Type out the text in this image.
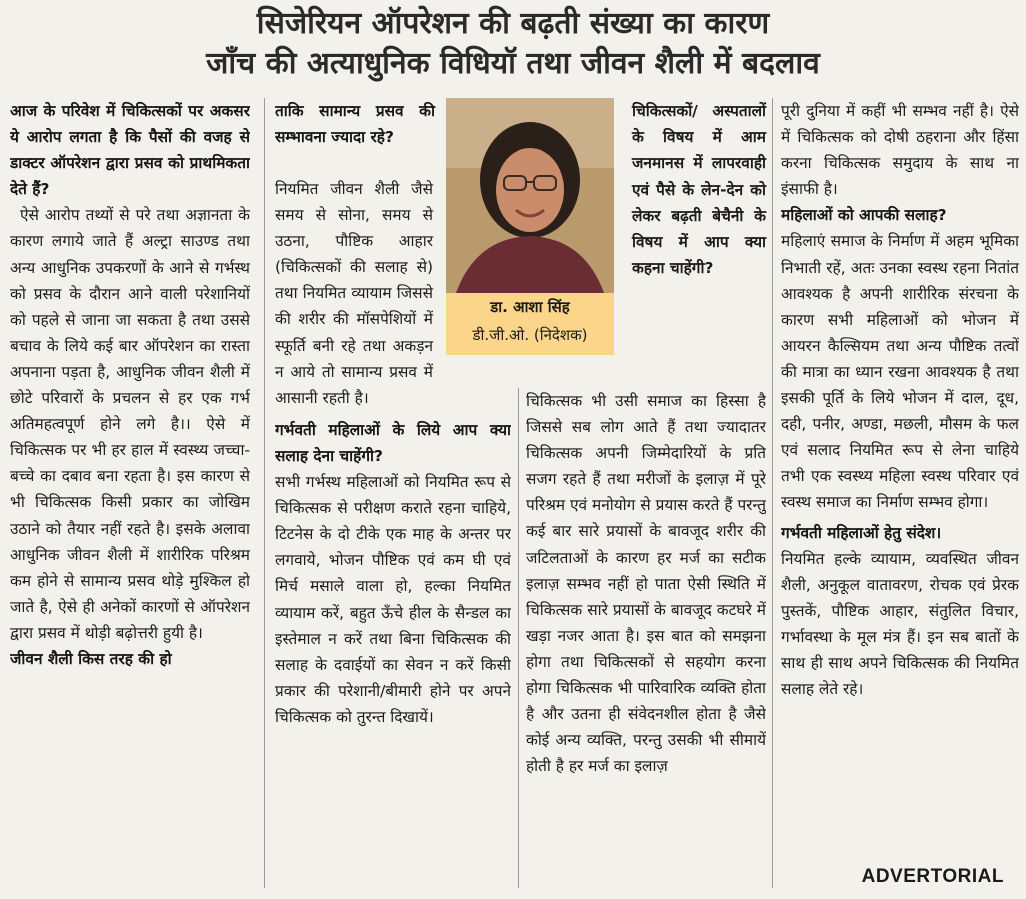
सिजेरियन ऑपरेशन की बढ़ती संख्या का कारण
जाँच की अत्याधुनिक विधियॉ तथा जीवन शैली में बदलाव

आज के परिवेश में चिकित्सकों पर अकसर ये आरोप लगता है कि पैसों की वजह से डाक्टर ऑपरेशन द्वारा प्रसव को प्राथमिकता देते हैं?

ऐसे आरोप तथ्यों से परे तथा अज्ञानता के कारण लगाये जाते हैं अल्ट्रा साउण्ड तथा अन्य आधुनिक उपकरणों के आने से गर्भस्थ को प्रसव के दौरान आने वाली परेशानियों को पहले से जाना जा सकता है तथा उससे बचाव के लिये कई बार ऑपरेशन का रास्ता अपनाना पड़ता है, आधुनिक जीवन शैली में छोटे परिवारों के प्रचलन से हर एक गर्भ अतिमहत्वपूर्ण होने लगे है।। ऐसे में चिकित्सक पर भी हर हाल में स्वस्थ्य जच्चा-बच्चे का दबाव बना रहता है। इस कारण से भी चिकित्सक किसी प्रकार का जोखिम उठाने को तैयार नहीं रहते है। इसके अलावा आधुनिक जीवन शैली में शारीरिक परिश्रम कम होने से सामान्य प्रसव थोड़े मुश्किल हो जाते है, ऐसे ही अनेकों कारणों से ऑपरेशन द्वारा प्रसव में थोड़ी बढ़ोत्तरी हुयी है।

जीवन शैली किस तरह की हो

ताकि सामान्य प्रसव की सम्भावना ज्यादा रहे?

डा. आशा सिंह
डी.जी.ओ. (निदेशक)

नियमित जीवन शैली जैसे समय से सोना, समय से उठना, पौष्टिक आहार (चिकित्सकों की सलाह से) तथा नियमित व्यायाम जिससे की शरीर की मॉसपेशियों में स्फूर्ति बनी रहे तथा अकड़न न आये तो सामान्य प्रसव में आसानी रहती है।

गर्भवती महिलाओं के लिये आप क्या सलाह देना चाहेंगी?

सभी गर्भस्थ महिलाओं को नियमित रूप से चिकित्सक से परीक्षण कराते रहना चाहिये, टिटनेस के दो टीके एक माह के अन्तर पर लगवाये, भोजन पौष्टिक एवं कम घी एवं मिर्च मसाले वाला हो, हल्का नियमित व्यायाम करें, बहुत ऊँचे हील के सैन्डल का इस्तेमाल न करें तथा बिना चिकित्सक की सलाह के दवाईयों का सेवन न करें किसी प्रकार की परेशानी/बीमारी होने पर अपने चिकित्सक को तुरन्त दिखायें।

चिकित्सकों/ अस्पतालों के विषय में आम जनमानस में लापरवाही एवं पैसे के लेन-देन को लेकर बढ़ती बेचैनी के विषय में आप क्या कहना चाहेंगी?

चिकित्सक भी उसी समाज का हिस्सा है जिससे सब लोग आते हैं तथा ज्यादातर चिकित्सक अपनी जिम्मेदारियों के प्रति सजग रहते हैं तथा मरीजों के इलाज़ में पूरे परिश्रम एवं मनोयोग से प्रयास करते हैं परन्तु कई बार सारे प्रयासों के बावजूद शरीर की जटिलताओं के कारण हर मर्ज का सटीक इलाज़ सम्भव नहीं हो पाता ऐसी स्थिति में चिकित्सक सारे प्रयासों के बावजूद कटघरे में खड़ा नजर आता है। इस बात को समझना होगा तथा चिकित्सकों से सहयोग करना होगा चिकित्सक भी पारिवारिक व्यक्ति होता है और उतना ही संवेदनशील होता है जैसे कोई अन्य व्यक्ति, परन्तु उसकी भी सीमायें होती है हर मर्ज का इलाज़

पूरी दुनिया में कहीं भी सम्भव नहीं है। ऐसे में चिकित्सक को दोषी ठहराना और हिंसा करना चिकित्सक समुदाय के साथ ना इंसाफी है।

महिलाओं को आपकी सलाह?

महिलाएं समाज के निर्माण में अहम भूमिका निभाती रहें, अतः उनका स्वस्थ रहना नितांत आवश्यक है अपनी शारीरिक संरचना के कारण सभी महिलाओं को भोजन में आयरन कैल्सियम तथा अन्य पौष्टिक तत्वों की मात्रा का ध्यान रखना आवश्यक है तथा इसकी पूर्ति के लिये भोजन में दाल, दूध, दही, पनीर, अण्डा, मछली, मौसम के फल एवं सलाद नियमित रूप से लेना चाहिये तभी एक स्वस्थ्य महिला स्वस्थ परिवार एवं स्वस्थ समाज का निर्माण सम्भव होगा।

गर्भवती महिलाओं हेतु संदेश।

नियमित हल्के व्यायाम, व्यवस्थित जीवन शैली, अनुकूल वातावरण, रोचक एवं प्रेरक पुस्तकें, पौष्टिक आहार, संतुलित विचार, गर्भावस्था के मूल मंत्र हैं। इन सब बातों के साथ ही साथ अपने चिकित्सक की नियमित सलाह लेते रहे।

ADVERTORIAL
